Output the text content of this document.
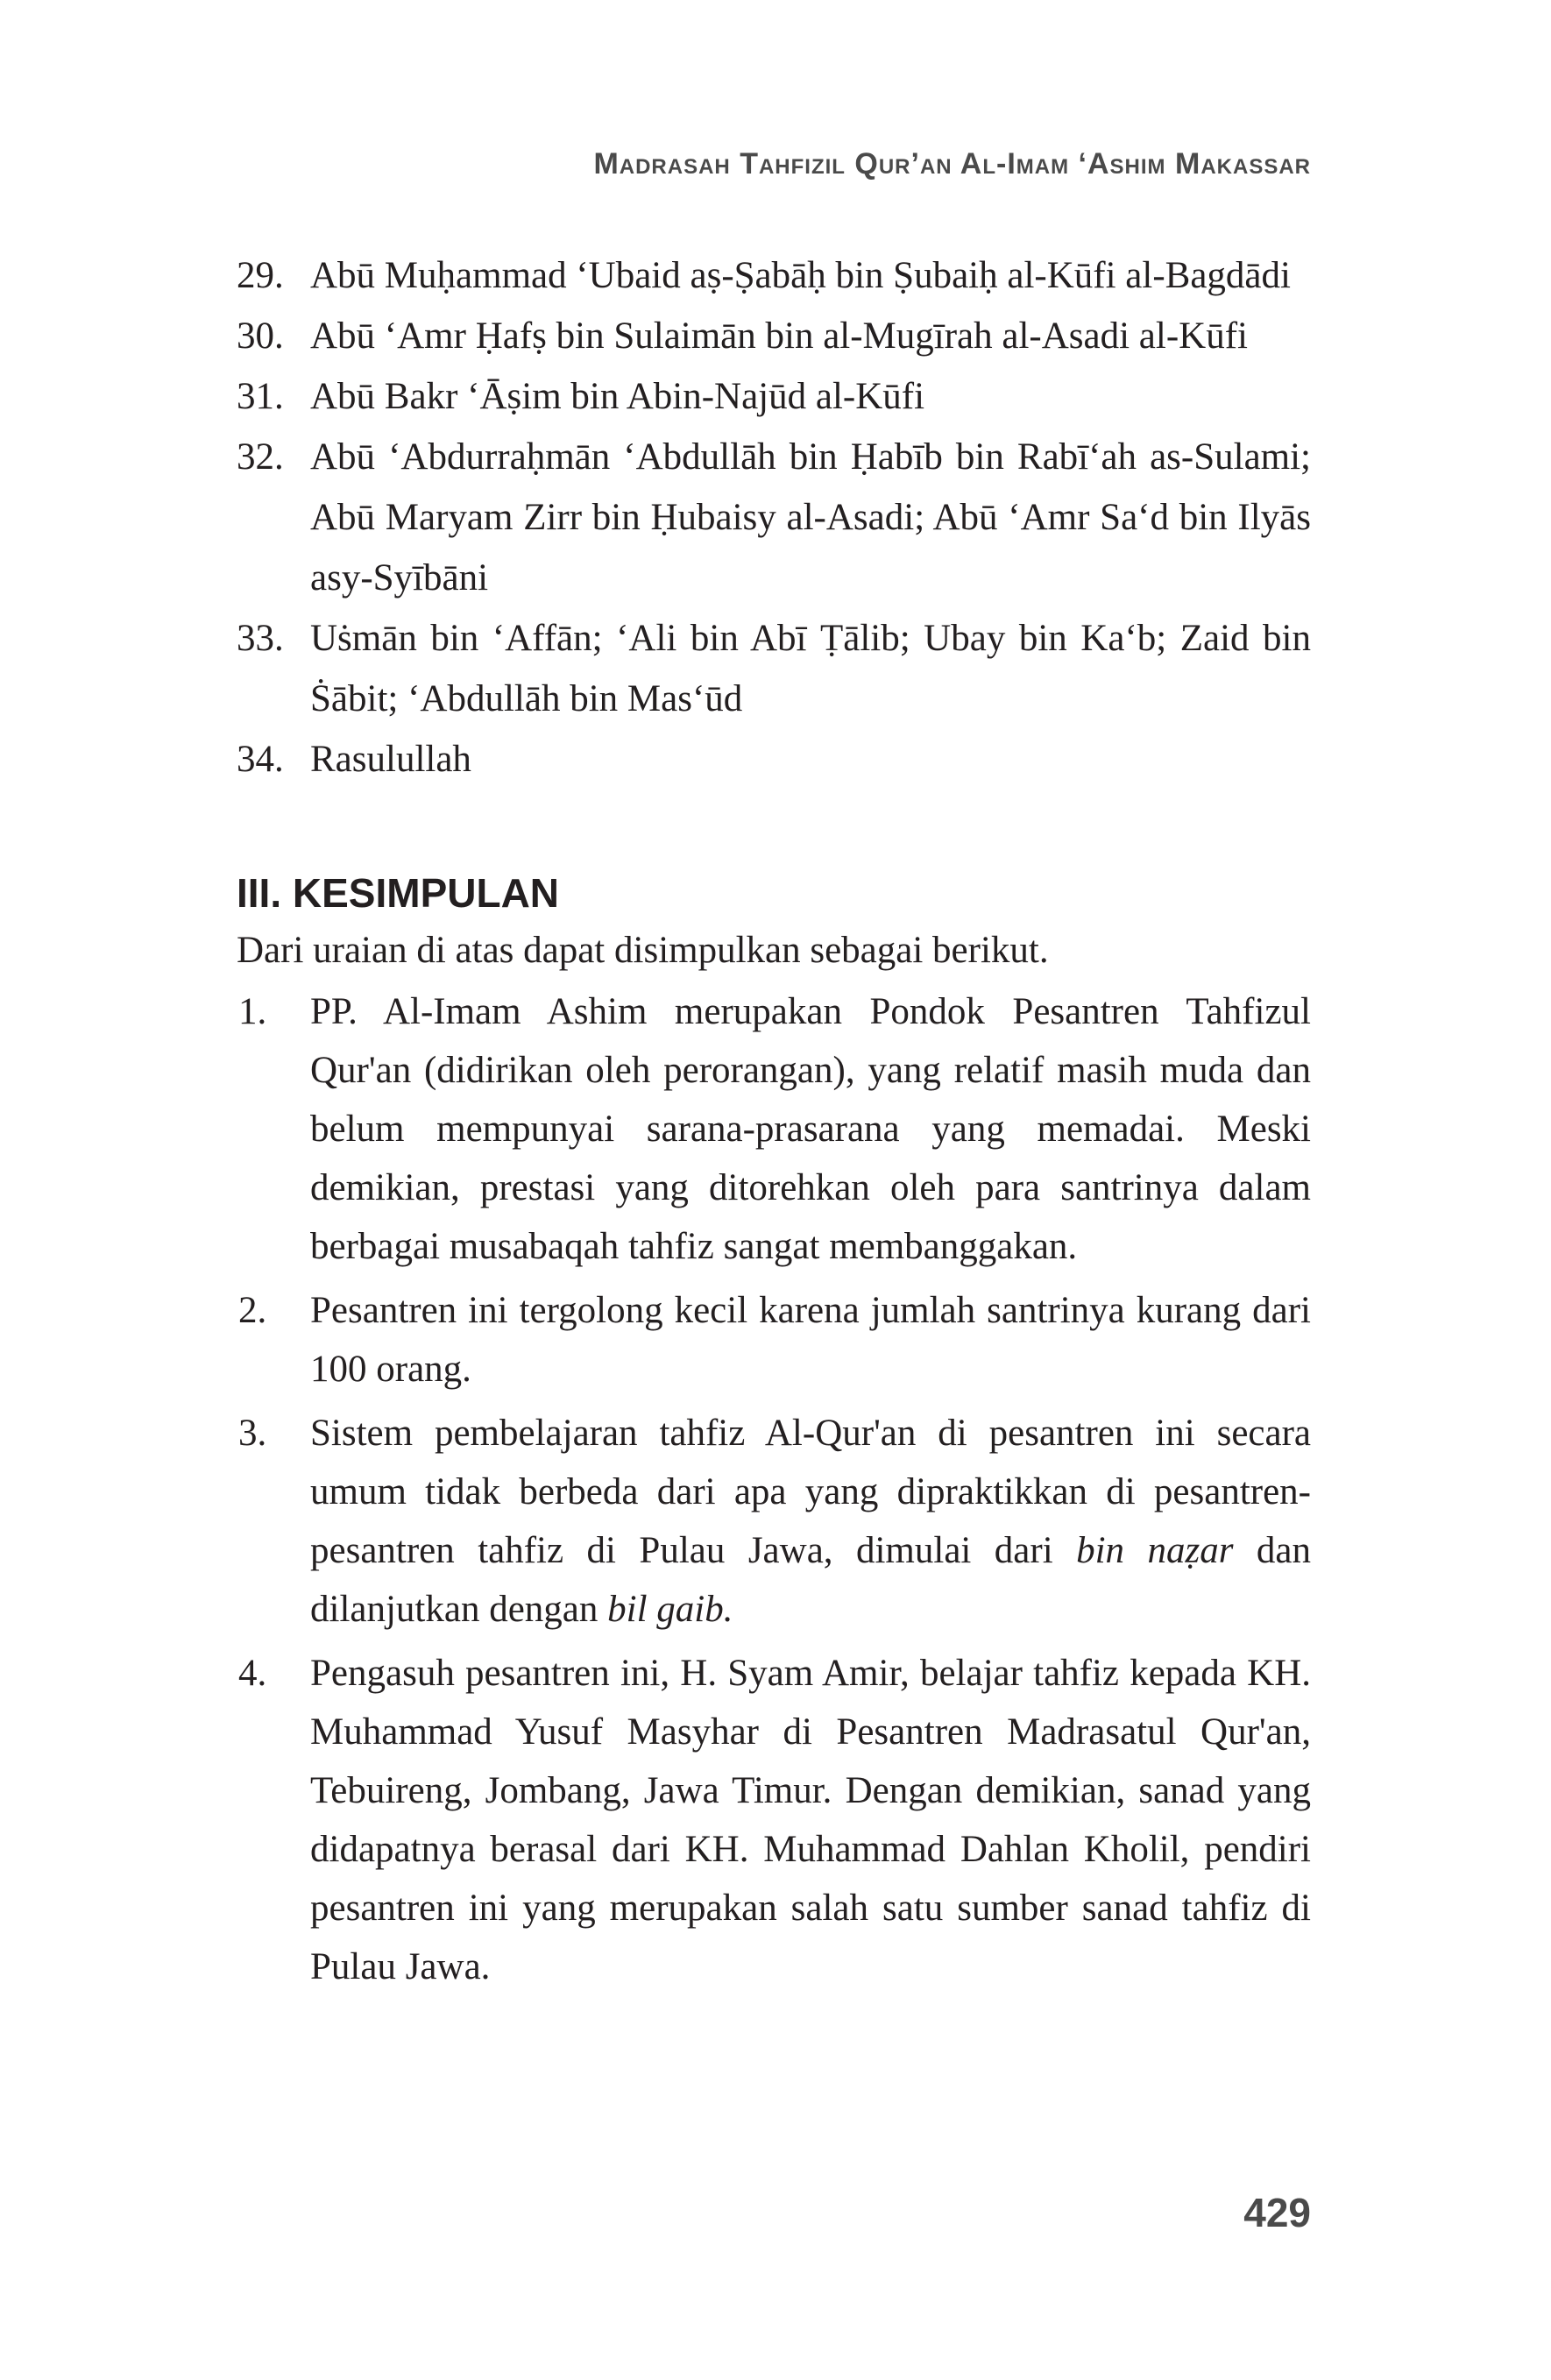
Madrasah Tahfizil Qur’an Al-Imam ‘Ashim Makassar
29. Abū Muḥammad ‘Ubaid aṣ-Ṣabāḥ bin Ṣubaiḥ al-Kūfi al-Bagdādi
30. Abū ‘Amr Ḥafṣ bin Sulaimān bin al-Mugīrah al-Asadi al-Kūfi
31. Abū Bakr ‘Āṣim bin Abin-Najūd al-Kūfi
32. Abū ‘Abdurraḥmān ‘Abdullāh bin Ḥabīb bin Rabī‘ah as-Sulami; Abū Maryam Zirr bin Ḥubaisy al-Asadi; Abū ‘Amr Sa‘d bin Ilyās asy-Syībāni
33. Uṡmān bin ‘Affān; ‘Ali bin Abī Ṭālib; Ubay bin Ka‘b; Zaid bin Ṡābit; ‘Abdullāh bin Mas‘ūd
34. Rasulullah
III. KESIMPULAN

Dari uraian di atas dapat disimpulkan sebagai berikut.

1. PP. Al-Imam Ashim merupakan Pondok Pesantren Tahfizul Qur'an (didirikan oleh perorangan), yang relatif masih muda dan belum mempunyai sarana-prasarana yang memadai. Meski demikian, prestasi yang ditorehkan oleh para santrinya dalam berbagai musabaqah tahfiz sangat membanggakan.
2. Pesantren ini tergolong kecil karena jumlah santrinya kurang dari 100 orang.
3. Sistem pembelajaran tahfiz Al-Qur'an di pesantren ini secara umum tidak berbeda dari apa yang dipraktikkan di pesantren-pesantren tahfiz di Pulau Jawa, dimulai dari bin naẓar dan dilanjutkan dengan bil gaib.
4. Pengasuh pesantren ini, H. Syam Amir, belajar tahfiz kepada KH. Muhammad Yusuf Masyhar di Pesantren Madrasatul Qur'an, Tebuireng, Jombang, Jawa Timur. Dengan demikian, sanad yang didapatnya berasal dari KH. Muhammad Dahlan Kholil, pendiri pesantren ini yang merupakan salah satu sumber sanad tahfiz di Pulau Jawa.
429
